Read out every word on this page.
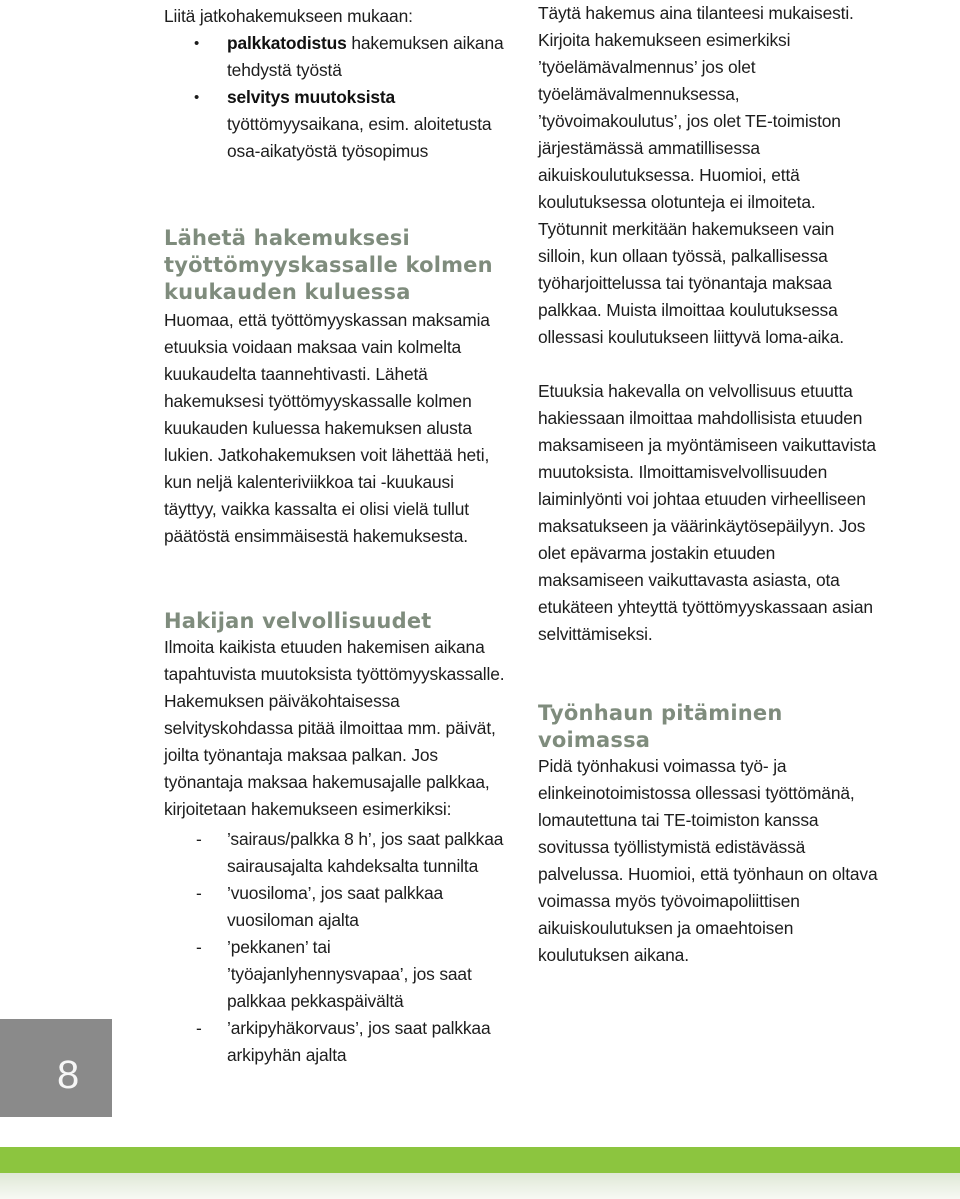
Liitä jatkohakemukseen mukaan:

• palkkatodistus hakemuksen aikana tehdystä työstä
• selvitys muutoksista työttömyysaikana, esim. aloitetusta osa-aikatyöstä työsopimus
Lähetä hakemuksesi
työttömyyskassalle kolmen
kuukauden kuluessa

Huomaa, että työttömyyskassan maksamia etuuksia voidaan maksaa vain kolmelta kuukaudelta taannehtivasti. Lähetä hakemuksesi työttömyyskassalle kolmen kuukauden kuluessa hakemuksen alusta lukien. Jatkohakemuksen voit lähettää heti, kun neljä kalenteriviikkoa tai -kuukausi täyttyy, vaikka kassalta ei olisi vielä tullut päätöstä ensimmäisestä hakemuksesta.

Hakijan velvollisuudet

Ilmoita kaikista etuuden hakemisen aikana tapahtuvista muutoksista työttömyyskassalle. Hakemuksen päiväkohtaisessa selvityskohdassa pitää ilmoittaa mm. päivät, joilta työnantaja maksaa palkan. Jos työnantaja maksaa hakemusajalle palkkaa, kirjoitetaan hakemukseen esimerkiksi:

- ’sairaus/palkka 8 h’, jos saat palkkaa sairausajalta kahdeksalta tunnilta
- ’vuosiloma’, jos saat palkkaa vuosiloman ajalta
- ’pekkanen’ tai ’työajanlyhennysvapaa’, jos saat palkkaa pekkaspäivältä
- ’arkipyhäkorvaus’, jos saat palkkaa arkipyhän ajalta

Täytä hakemus aina tilanteesi mukaisesti. Kirjoita hakemukseen esimerkiksi ’työelämävalmennus’ jos olet työelämävalmennuksessa, ’työvoimakoulutus’, jos olet TE-toimiston järjestämässä ammatillisessa aikuiskoulutuksessa. Huomioi, että koulutuksessa olotunteja ei ilmoiteta. Työtunnit merkitään hakemukseen vain silloin, kun ollaan työssä, palkallisessa työharjoittelussa tai työnantaja maksaa palkkaa. Muista ilmoittaa koulutuksessa ollessasi koulutukseen liittyvä loma-aika.

Etuuksia hakevalla on velvollisuus etuutta hakiessaan ilmoittaa mahdollisista etuuden maksamiseen ja myöntämiseen vaikuttavista muutoksista. Ilmoittamisvelvollisuuden laiminlyönti voi johtaa etuuden virheelliseen maksatukseen ja väärinkäytösepäilyyn. Jos olet epävarma jostakin etuuden maksamiseen vaikuttavasta asiasta, ota etukäteen yhteyttä työttömyyskassaan asian selvittämiseksi.

Työnhaun pitäminen voimassa

Pidä työnhakusi voimassa työ- ja elinkeinotoimistossa ollessasi työttömänä, lomautettuna tai TE-toimiston kanssa sovitussa työllistymistä edistävässä palvelussa. Huomioi, että työnhaun on oltava voimassa myös työvoimapoliittisen aikuiskoulutuksen ja omaehtoisen koulutuksen aikana.

8
